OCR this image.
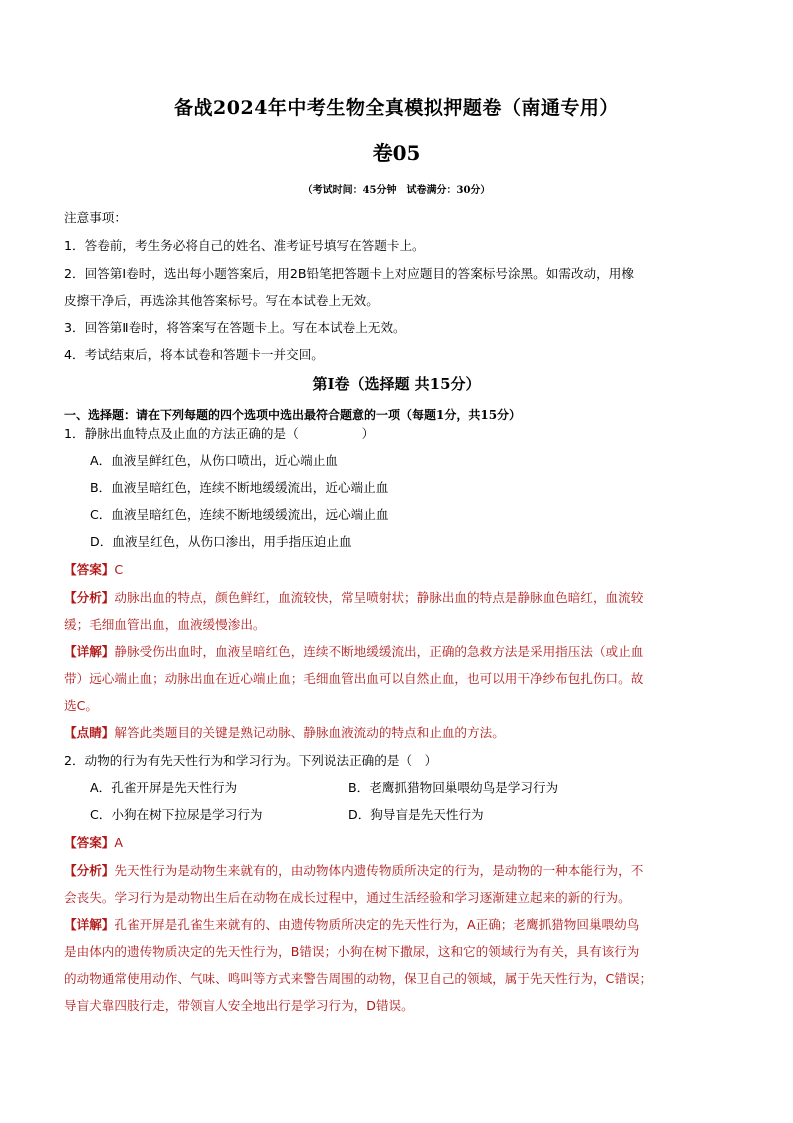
备战2024年中考生物全真模拟押题卷（南通专用）
卷05
（考试时间：45分钟　试卷满分：30分）
注意事项：
1．答卷前，考生务必将自己的姓名、准考证号填写在答题卡上。
2．回答第Ⅰ卷时，选出每小题答案后，用2B铅笔把答题卡上对应题目的答案标号涂黑。如需改动，用橡
皮擦干净后，再选涂其他答案标号。写在本试卷上无效。
3．回答第Ⅱ卷时，将答案写在答题卡上。写在本试卷上无效。
4．考试结束后，将本试卷和答题卡一并交回。
第Ⅰ卷（选择题 共15分）
一、选择题：请在下列每题的四个选项中选出最符合题意的一项（每题1分，共15分）
1．静脉出血特点及止血的方法正确的是（　　　　　）
A．血液呈鲜红色，从伤口喷出，近心端止血
B．血液呈暗红色，连续不断地缓缓流出，近心端止血
C．血液呈暗红色，连续不断地缓缓流出，远心端止血
D．血液呈红色，从伤口渗出，用手指压迫止血
【答案】C
【分析】动脉出血的特点，颜色鲜红，血流较快，常呈喷射状；静脉出血的特点是静脉血色暗红，血流较
缓；毛细血管出血，血液缓慢渗出。
【详解】静脉受伤出血时，血液呈暗红色，连续不断地缓缓流出，正确的急救方法是采用指压法（或止血
带）远心端止血；动脉出血在近心端止血；毛细血管出血可以自然止血，也可以用干净纱布包扎伤口。故
选C。
【点睛】解答此类题目的关键是熟记动脉、静脉血液流动的特点和止血的方法。
2．动物的行为有先天性行为和学习行为。下列说法正确的是（　）
A．孔雀开屏是先天性行为	B．老鹰抓猎物回巢喂幼鸟是学习行为
C．小狗在树下拉尿是学习行为	D．狗导盲是先天性行为
【答案】A
【分析】先天性行为是动物生来就有的，由动物体内遗传物质所决定的行为，是动物的一种本能行为，不
会丧失。学习行为是动物出生后在动物在成长过程中，通过生活经验和学习逐渐建立起来的新的行为。
【详解】孔雀开屏是孔雀生来就有的、由遗传物质所决定的先天性行为，A正确；老鹰抓猎物回巢喂幼鸟
是由体内的遗传物质决定的先天性行为，B错误；小狗在树下撒尿，这和它的领域行为有关，具有该行为
的动物通常使用动作、气味、鸣叫等方式来警告周围的动物，保卫自己的领域，属于先天性行为，C错误；
导盲犬靠四肢行走，带领盲人安全地出行是学习行为，D错误。
